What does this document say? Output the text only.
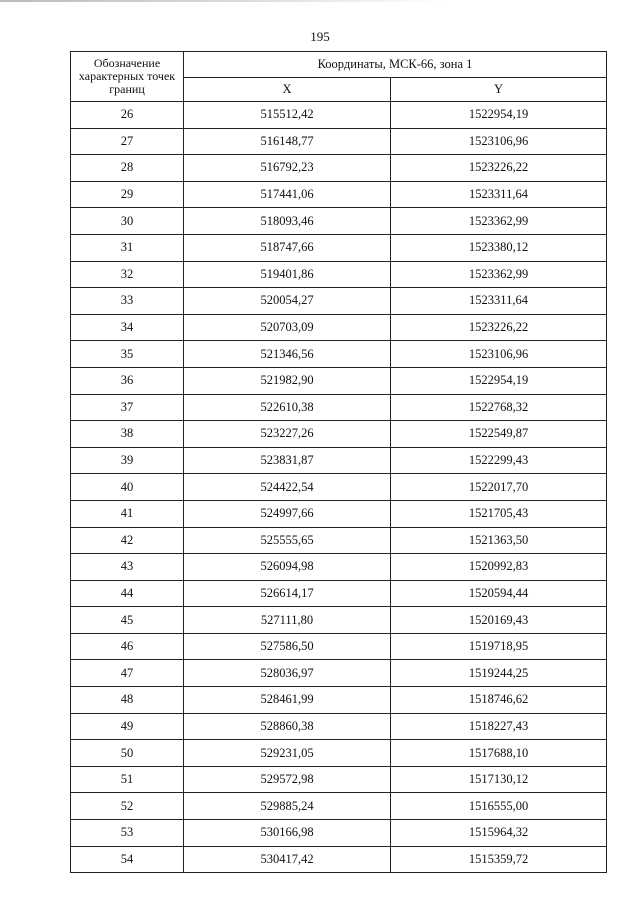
195
Обозначение характерных точек границ	Координаты, МСК-66, зона 1	
	X	Y
26	515512,42	1522954,19
27	516148,77	1523106,96
28	516792,23	1523226,22
29	517441,06	1523311,64
30	518093,46	1523362,99
31	518747,66	1523380,12
32	519401,86	1523362,99
33	520054,27	1523311,64
34	520703,09	1523226,22
35	521346,56	1523106,96
36	521982,90	1522954,19
37	522610,38	1522768,32
38	523227,26	1522549,87
39	523831,87	1522299,43
40	524422,54	1522017,70
41	524997,66	1521705,43
42	525555,65	1521363,50
43	526094,98	1520992,83
44	526614,17	1520594,44
45	527111,80	1520169,43
46	527586,50	1519718,95
47	528036,97	1519244,25
48	528461,99	1518746,62
49	528860,38	1518227,43
50	529231,05	1517688,10
51	529572,98	1517130,12
52	529885,24	1516555,00
53	530166,98	1515964,32
54	530417,42	1515359,72
